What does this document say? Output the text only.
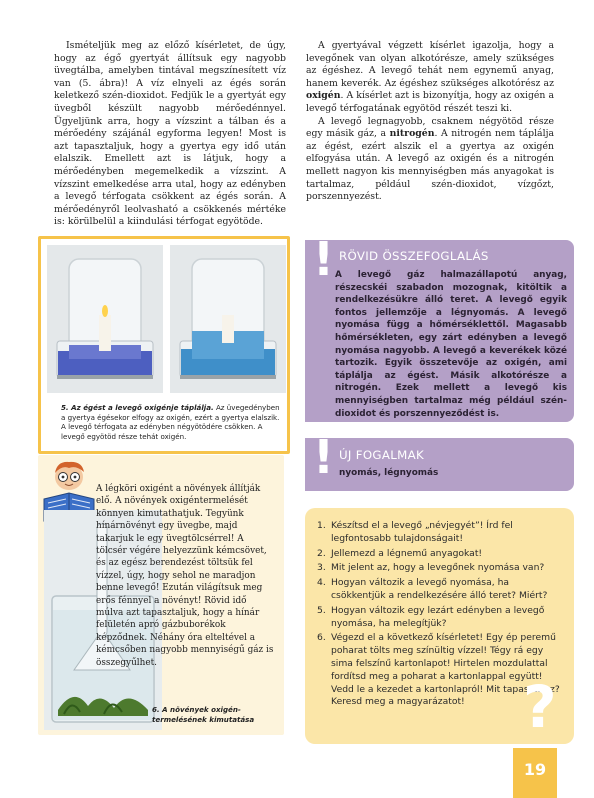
Ismételjük meg az előző kísérletet, de úgy, hogy az égő gyertyát állítsuk egy nagyobb üvegtálba, amelyben tintával megszínesített víz van (5. ábra)! A víz elnyeli az égés során keletkező szén-dioxidot. Fedjük le a gyertyát egy üvegből készült nagyobb mérőedénnyel. Ügyeljünk arra, hogy a vízszint a tálban és a mérőedény szájánál egyforma legyen! Most is azt tapasztaljuk, hogy a gyertya egy idő után elalszik. Emellett azt is látjuk, hogy a mérőedényben megemelkedik a vízszint. A vízszint emelkedése arra utal, hogy az edényben a levegő térfogata csökkent az égés során. A mérőedényről leolvasható a csökkenés mértéke is: körülbelül a kiindulási térfogat egyötöde.

A gyertyával végzett kísérlet igazolja, hogy a levegőnek van olyan alkotórésze, amely szükséges az égéshez. A levegő tehát nem egynemű anyag, hanem keverék. Az égéshez szükséges alkotórész az oxigén. A kísérlet azt is bizonyítja, hogy az oxigén a levegő térfogatának egyötöd részét teszi ki.

A levegő legnagyobb, csaknem négyötöd része egy másik gáz, a nitrogén. A nitrogén nem táplálja az égést, ezért alszik el a gyertya az oxigén elfogyása után. A levegő az oxigén és a nitrogén mellett nagyon kis mennyiségben más anyagokat is tartalmaz, például szén-dioxidot, vízgőzt, porszennyezést.

5. Az égést a levegő oxigénje táplálja. Az üvegedényben a gyertya égésekor elfogy az oxigén, ezért a gyertya elalszik. A levegő térfogata az edényben négyötödére csökken. A levegő egyötöd része tehát oxigén.
! RÖVID ÖSSZEFOGLALÁS
A levegő gáz halmazállapotú anyag, részecskéi szabadon mozognak, kitöltik a rendelkezésükre álló teret. A levegő egyik fontos jellemzője a légnyomás. A levegő nyomása függ a hőmérséklettől. Magasabb hőmérsékleten, egy zárt edényben a levegő nyomása nagyobb. A levegő a keverékek közé tartozik. Egyik összetevője az oxigén, ami táplálja az égést. Másik alkotórésze a nitrogén. Ezek mellett a levegő kis mennyiségben tartalmaz még például szén-dioxidot és porszennyeződést is.
! ÚJ FOGALMAK
nyomás, légnyomás
A légköri oxigént a növények állítják elő. A növények oxigéntermelését könnyen kimutathatjuk. Tegyünk hínárnövényt egy üvegbe, majd takarjuk le egy üvegtölcsérrel! A tölcsér végére helyezzünk kémcsövet, és az egész berendezést töltsük fel vízzel, úgy, hogy sehol ne maradjon benne levegő! Ezután világítsuk meg erős fénnyel a növényt! Rövid idő múlva azt tapasztaljuk, hogy a hínár felületén apró gázbuborékok képződnek. Néhány óra elteltével a kémcsőben nagyobb mennyiségű gáz is összegyűlhet.
6. A növények oxigén-
termelésének kimutatása
1. Készítsd el a levegő „névjegyét”! Írd fel legfontosabb tulajdonságait!
2. Jellemezd a légnemű anyagokat!
3. Mit jelent az, hogy a levegőnek nyomása van?
4. Hogyan változik a levegő nyomása, ha csökkentjük a rendelkezésére álló teret? Miért?
5. Hogyan változik egy lezárt edényben a levegő nyomása, ha melegítjük?
6. Végezd el a következő kísérletet! Egy ép peremű poharat tölts meg színültig vízzel! Tégy rá egy sima felszínű kartonlapot! Hirtelen mozdulattal fordítsd meg a poharat a kartonlappal együtt! Vedd le a kezedet a kartonlapról! Mit tapasztalsz? Keresd meg a magyarázatot!	?
19
